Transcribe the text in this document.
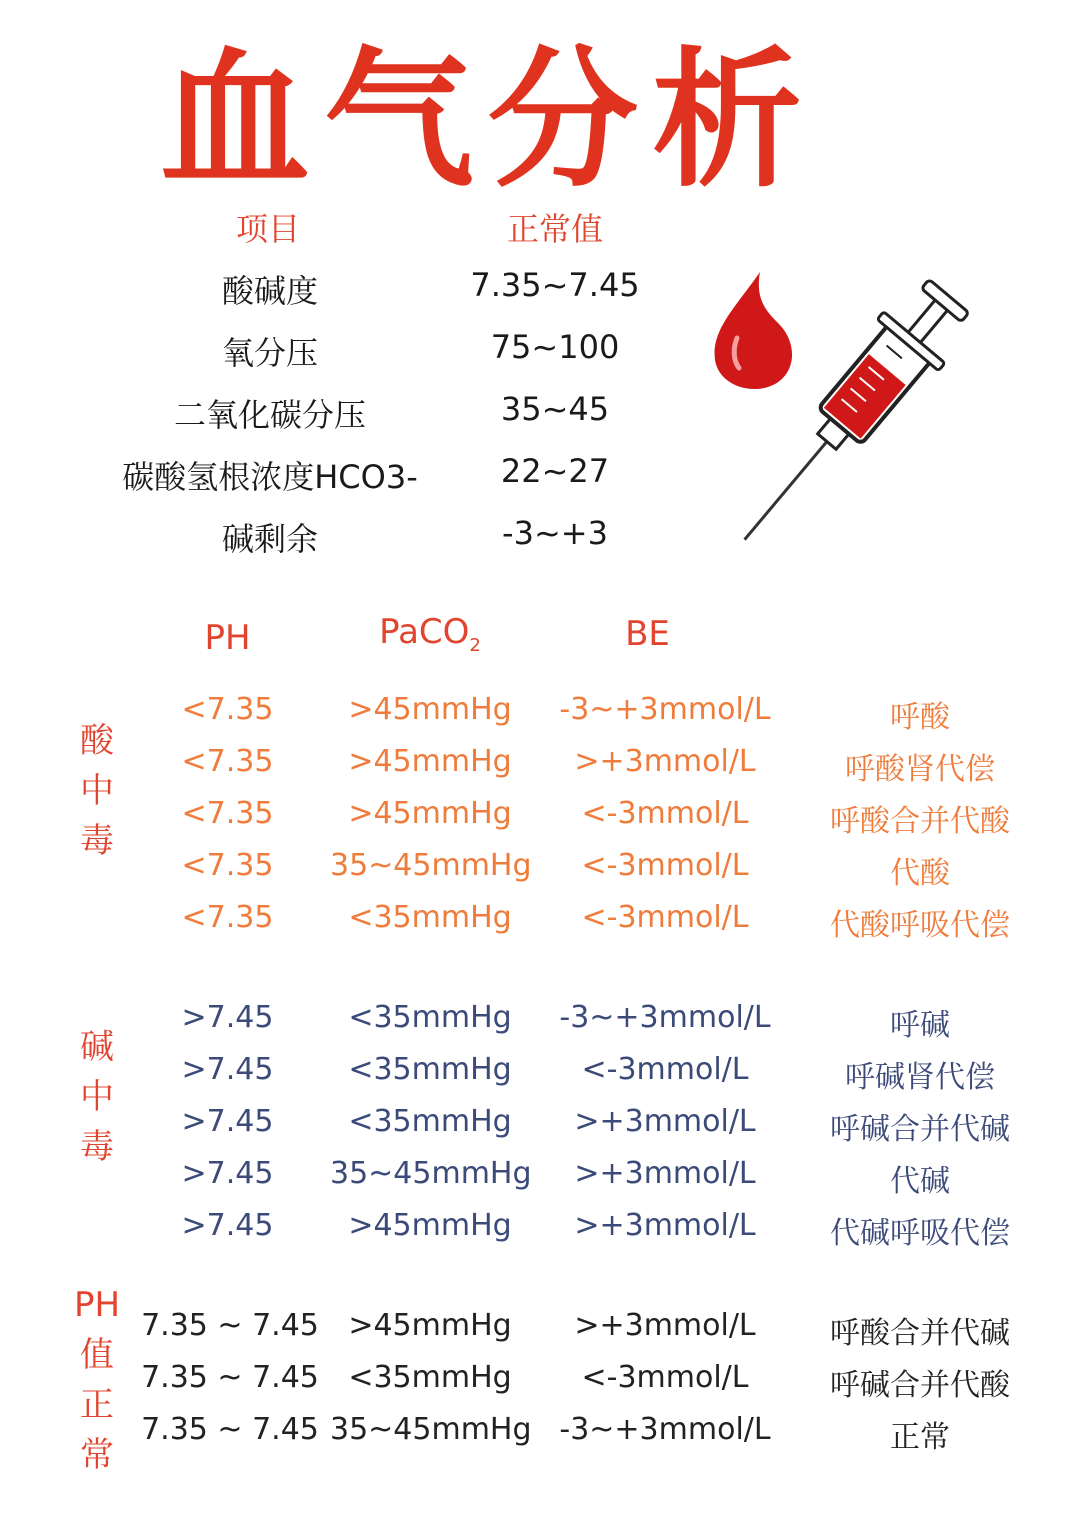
血气分析
项目	正常值
酸碱度	7.35~7.45
氧分压	75~100
二氧化碳分压	35~45
碳酸氢根浓度HCO3-	22~27
碱剩余	-3~+3
PH	PaCO$_2$	BE
酸
中
毒
<7.35	>45mmHg	-3~+3mmol/L	呼酸
<7.35	>45mmHg	>+3mmol/L	呼酸肾代偿
<7.35	>45mmHg	<-3mmol/L	呼酸合并代酸
<7.35	35~45mmHg	<-3mmol/L	代酸
<7.35	<35mmHg	<-3mmol/L	代酸呼吸代偿
碱
中
毒
>7.45	<35mmHg	-3~+3mmol/L	呼碱
>7.45	<35mmHg	<-3mmol/L	呼碱肾代偿
>7.45	<35mmHg	>+3mmol/L	呼碱合并代碱
>7.45	35~45mmHg	>+3mmol/L	代碱
>7.45	>45mmHg	>+3mmol/L	代碱呼吸代偿
PH
值
正
常
7.35 ~ 7.45 >45mmHg	>+3mmol/L	呼酸合并代碱
7.35 ~ 7.45 <35mmHg	<-3mmol/L	呼碱合并代酸
7.35 ~ 7.45 35~45mmHg -3~+3mmol/L	正常
